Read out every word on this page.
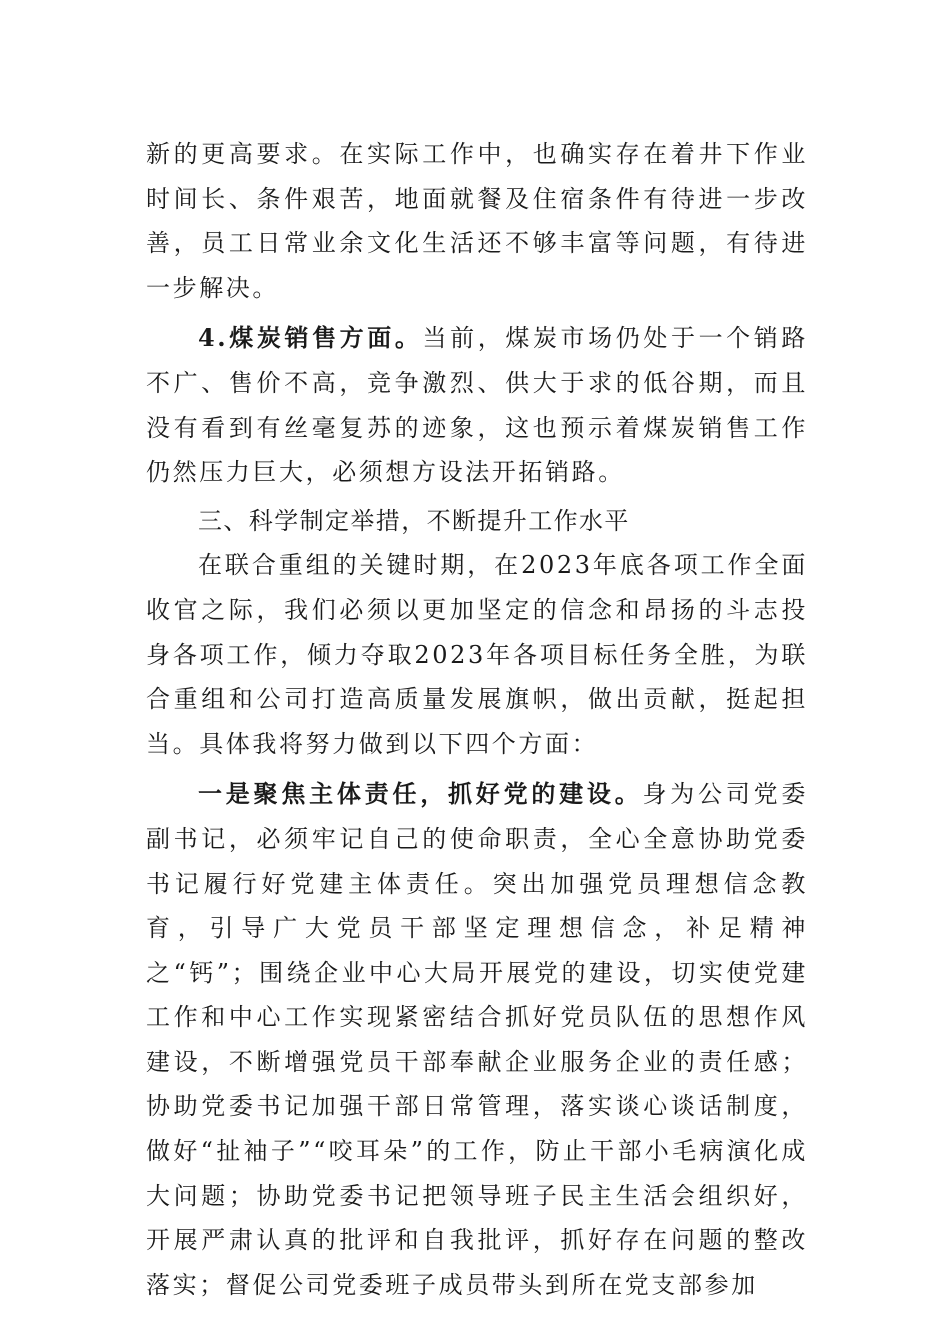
新的更高要求。在实际工作中，也确实存在着井下作业时间长、条件艰苦，地面就餐及住宿条件有待进一步改善，员工日常业余文化生活还不够丰富等问题，有待进一步解决。

4.煤炭销售方面。当前，煤炭市场仍处于一个销路不广、售价不高，竞争激烈、供大于求的低谷期，而且没有看到有丝毫复苏的迹象，这也预示着煤炭销售工作仍然压力巨大，必须想方设法开拓销路。

三、科学制定举措，不断提升工作水平

在联合重组的关键时期，在2023年底各项工作全面收官之际，我们必须以更加坚定的信念和昂扬的斗志投身各项工作，倾力夺取2023年各项目标任务全胜，为联合重组和公司打造高质量发展旗帜，做出贡献，挺起担当。具体我将努力做到以下四个方面：

一是聚焦主体责任，抓好党的建设。身为公司党委副书记，必须牢记自己的使命职责，全心全意协助党委书记履行好党建主体责任。突出加强党员理想信念教育，引导广大党员干部坚定理想信念，补足精神之“钙”；围绕企业中心大局开展党的建设，切实使党建工作和中心工作实现紧密结合抓好党员队伍的思想作风建设，不断增强党员干部奉献企业服务企业的责任感；协助党委书记加强干部日常管理，落实谈心谈话制度，做好“扯袖子”“咬耳朵”的工作，防止干部小毛病演化成大问题；协助党委书记把领导班子民主生活会组织好，开展严肃认真的批评和自我批评，抓好存在问题的整改落实；督促公司党委班子成员带头到所在党支部参加
